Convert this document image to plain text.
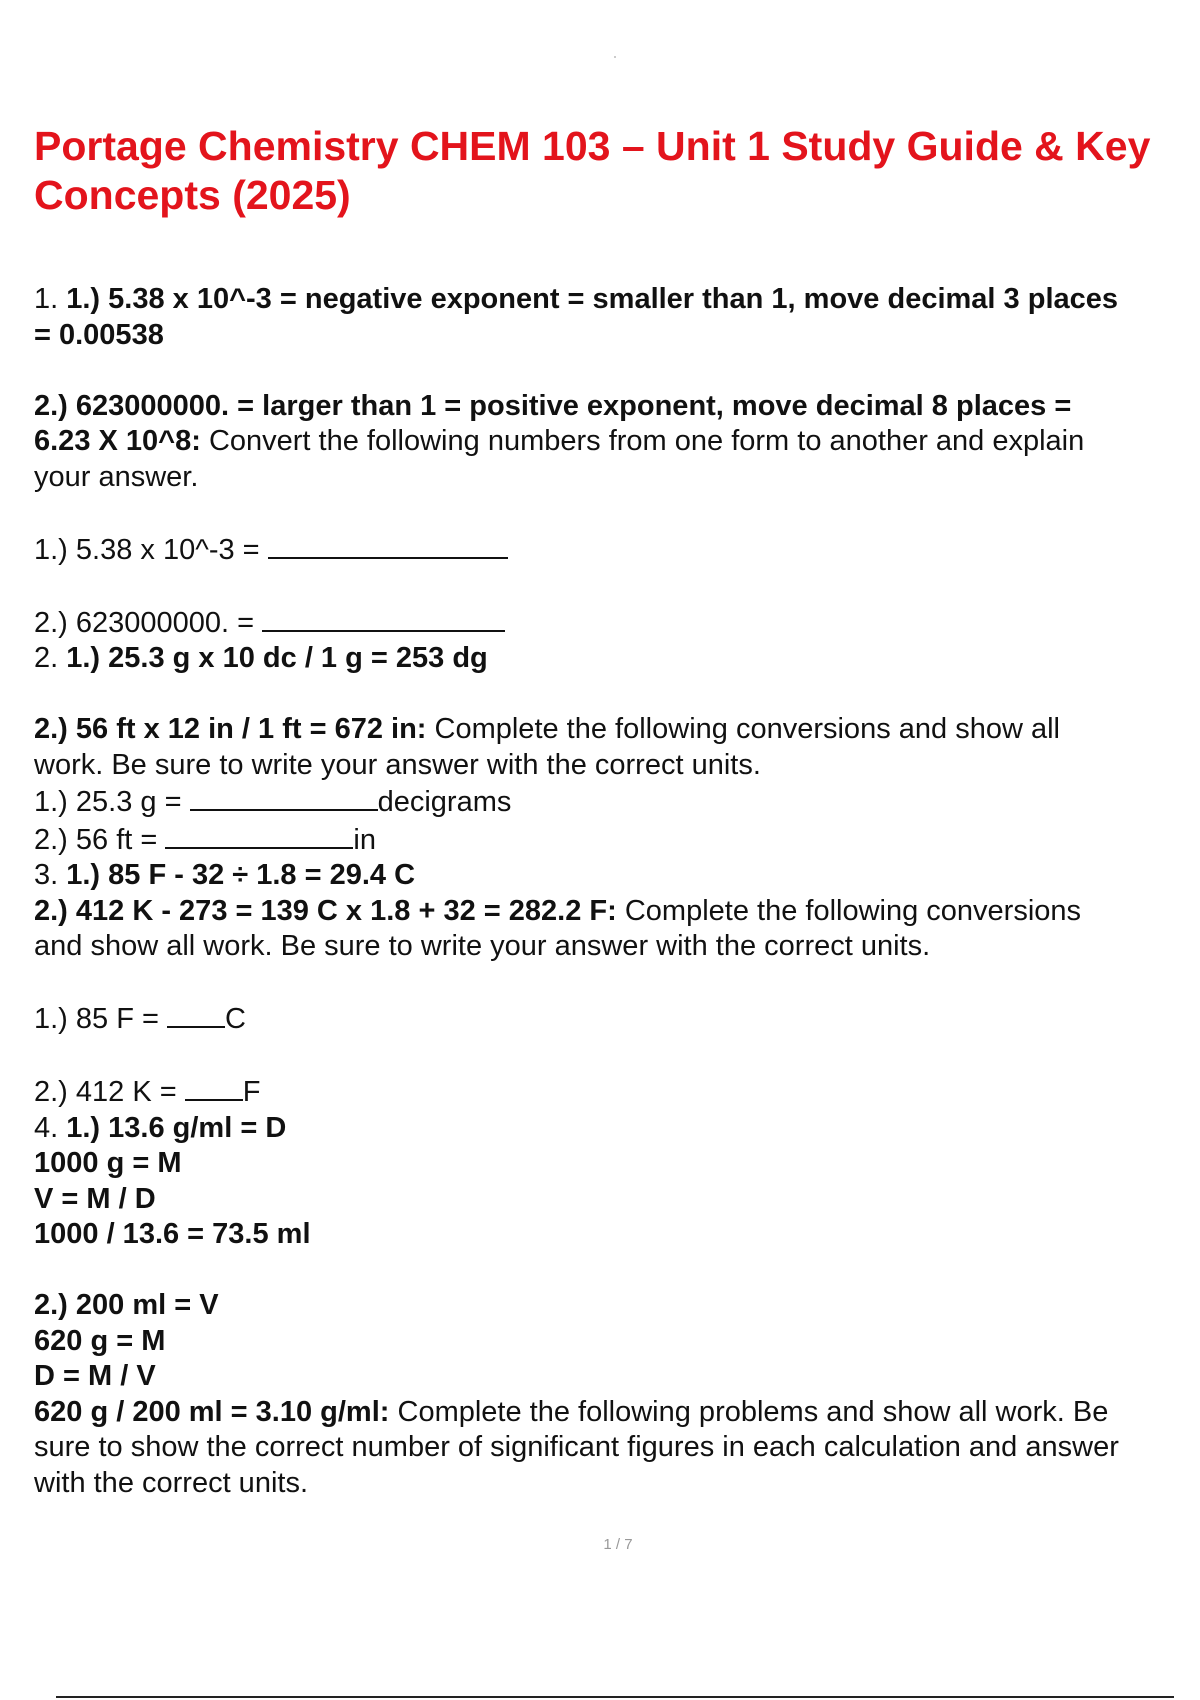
Portage Chemistry CHEM 103 – Unit 1 Study Guide & Key Concepts (2025)

1. 1.) 5.38 x 10^-3 = negative exponent = smaller than 1, move decimal 3 places

= 0.00538

2.) 623000000. = larger than 1 = positive exponent, move decimal 8 places =

6.23 X 10^8: Convert the following numbers from one form to another and explain

your answer.

1.) 5.38 x 10^-3 =

2.) 623000000. =

2. 1.) 25.3 g x 10 dc / 1 g = 253 dg

2.) 56 ft x 12 in / 1 ft = 672 in: Complete the following conversions and show all

work. Be sure to write your answer with the correct units.

1.) 25.3 g =	decigrams

2.) 56 ft =	in

3. 1.) 85 F - 32 ÷ 1.8 = 29.4 C

2.) 412 K - 273 = 139 C x 1.8 + 32 = 282.2 F: Complete the following conversions

and show all work. Be sure to write your answer with the correct units.

1.) 85 F = C

2.) 412 K = F

4. 1.) 13.6 g/ml = D

1000 g = M

V = M / D

1000 / 13.6 = 73.5 ml

2.) 200 ml = V

620 g = M

D = M / V

620 g / 200 ml = 3.10 g/ml: Complete the following problems and show all work. Be

sure to show the correct number of significant figures in each calculation and answer

with the correct units.

1 / 7
